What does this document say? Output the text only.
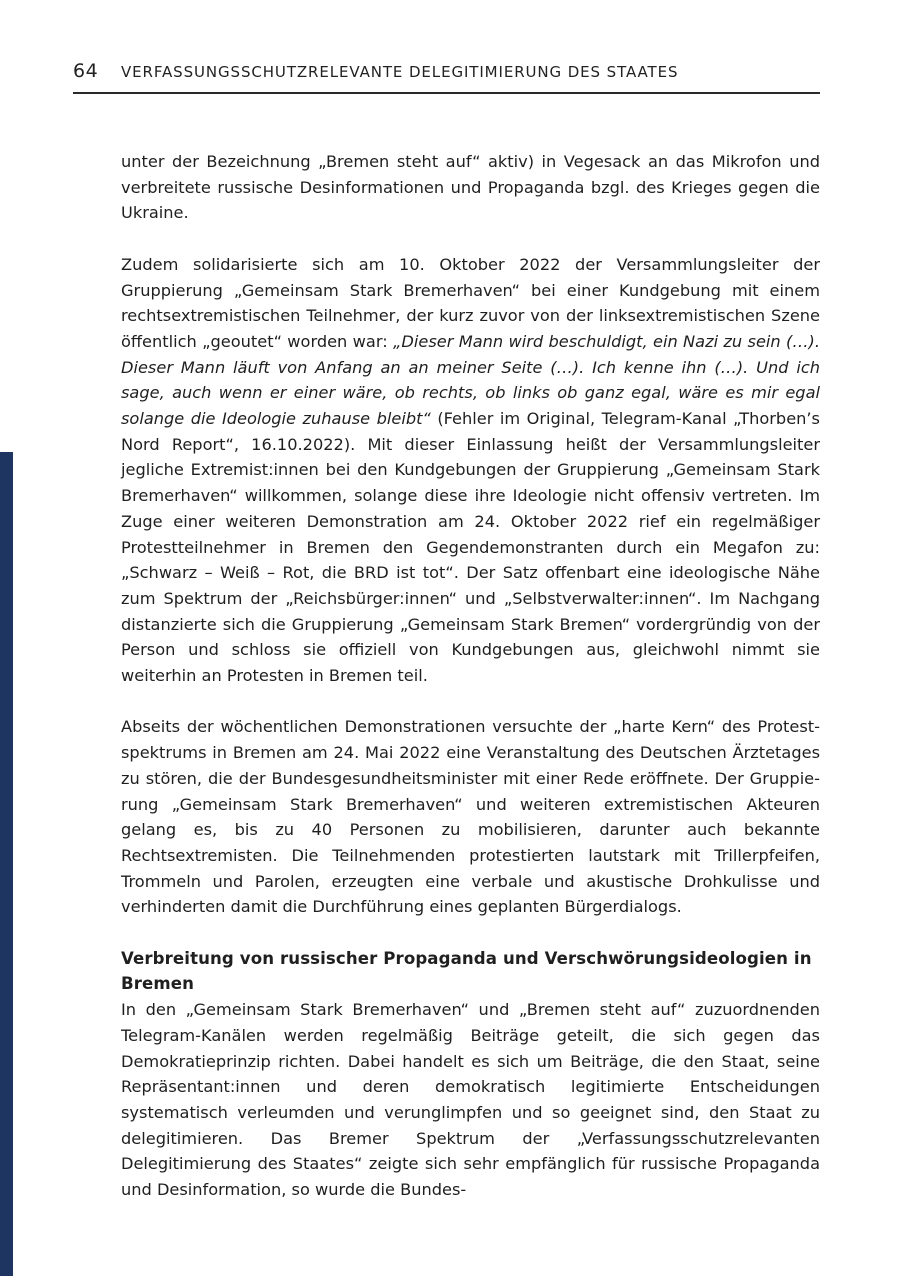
64 VERFASSUNGSSCHUTZRELEVANTE DELEGITIMIERUNG DES STAATES

unter der Bezeichnung „Bremen steht auf“ aktiv) in Vegesack an das Mikrofon und verbreitete russische Desinformationen und Propaganda bzgl. des Krieges gegen die Ukraine.

Zudem solidarisierte sich am 10. Oktober 2022 der Versammlungsleiter der Gruppierung „Gemeinsam Stark Bremerhaven“ bei einer Kundgebung mit einem rechtsextremistischen Teilnehmer, der kurz zuvor von der linksextremistischen Szene öffentlich „geoutet“ worden war: „Dieser Mann wird beschuldigt, ein Nazi zu sein (…). Dieser Mann läuft von Anfang an an meiner Seite (…). Ich kenne ihn (…). Und ich sage, auch wenn er einer wäre, ob rechts, ob links ob ganz egal, wäre es mir egal solange die Ideologie zuhause bleibt“ (Fehler im Original, Telegram-Kanal „Thorben’s Nord Report“, 16.10.2022). Mit dieser Einlassung heißt der Versammlungsleiter jegliche Extremist:innen bei den Kundgebungen der Gruppierung „Gemeinsam Stark Bremerhaven“ willkommen, solange diese ihre Ideologie nicht offensiv vertreten. Im Zuge einer weiteren Demonstration am 24. Oktober 2022 rief ein regelmäßiger Protestteilnehmer in Bremen den Gegendemonstranten durch ein Megafon zu: „Schwarz – Weiß – Rot, die BRD ist tot“. Der Satz offenbart eine ideologische Nähe zum Spektrum der „Reichsbürger:innen“ und „Selbstverwalter:innen“. Im Nachgang distanzierte sich die Gruppierung „Gemeinsam Stark Bremen“ vordergründig von der Person und schloss sie offiziell von Kundgebungen aus, gleichwohl nimmt sie weiterhin an Protesten in Bremen teil.

Abseits der wöchentlichen Demonstrationen versuchte der „harte Kern“ des Protestspektrums in Bremen am 24. Mai 2022 eine Veranstaltung des Deutschen Ärztetages zu stören, die der Bundesgesundheitsminister mit einer Rede eröffnete. Der Gruppierung „Gemeinsam Stark Bremerhaven“ und weiteren extremistischen Akteuren gelang es, bis zu 40 Personen zu mobilisieren, darunter auch bekannte Rechtsextremisten. Die Teilnehmenden protestierten lautstark mit Trillerpfeifen, Trommeln und Parolen, erzeugten eine verbale und akustische Drohkulisse und verhinderten damit die Durchführung eines geplanten Bürgerdialogs.

Verbreitung von russischer Propaganda und Verschwörungsideologien in Bremen

In den „Gemeinsam Stark Bremerhaven“ und „Bremen steht auf“ zuzuordnenden Telegram-Kanälen werden regelmäßig Beiträge geteilt, die sich gegen das Demokratieprinzip richten. Dabei handelt es sich um Beiträge, die den Staat, seine Repräsentant:innen und deren demokratisch legitimierte Entscheidungen systematisch verleumden und verunglimpfen und so geeignet sind, den Staat zu delegitimieren. Das Bremer Spektrum der „Verfassungsschutzrelevanten Delegitimierung des Staates“ zeigte sich sehr empfänglich für russische Propaganda und Desinformation, so wurde die Bundes-
